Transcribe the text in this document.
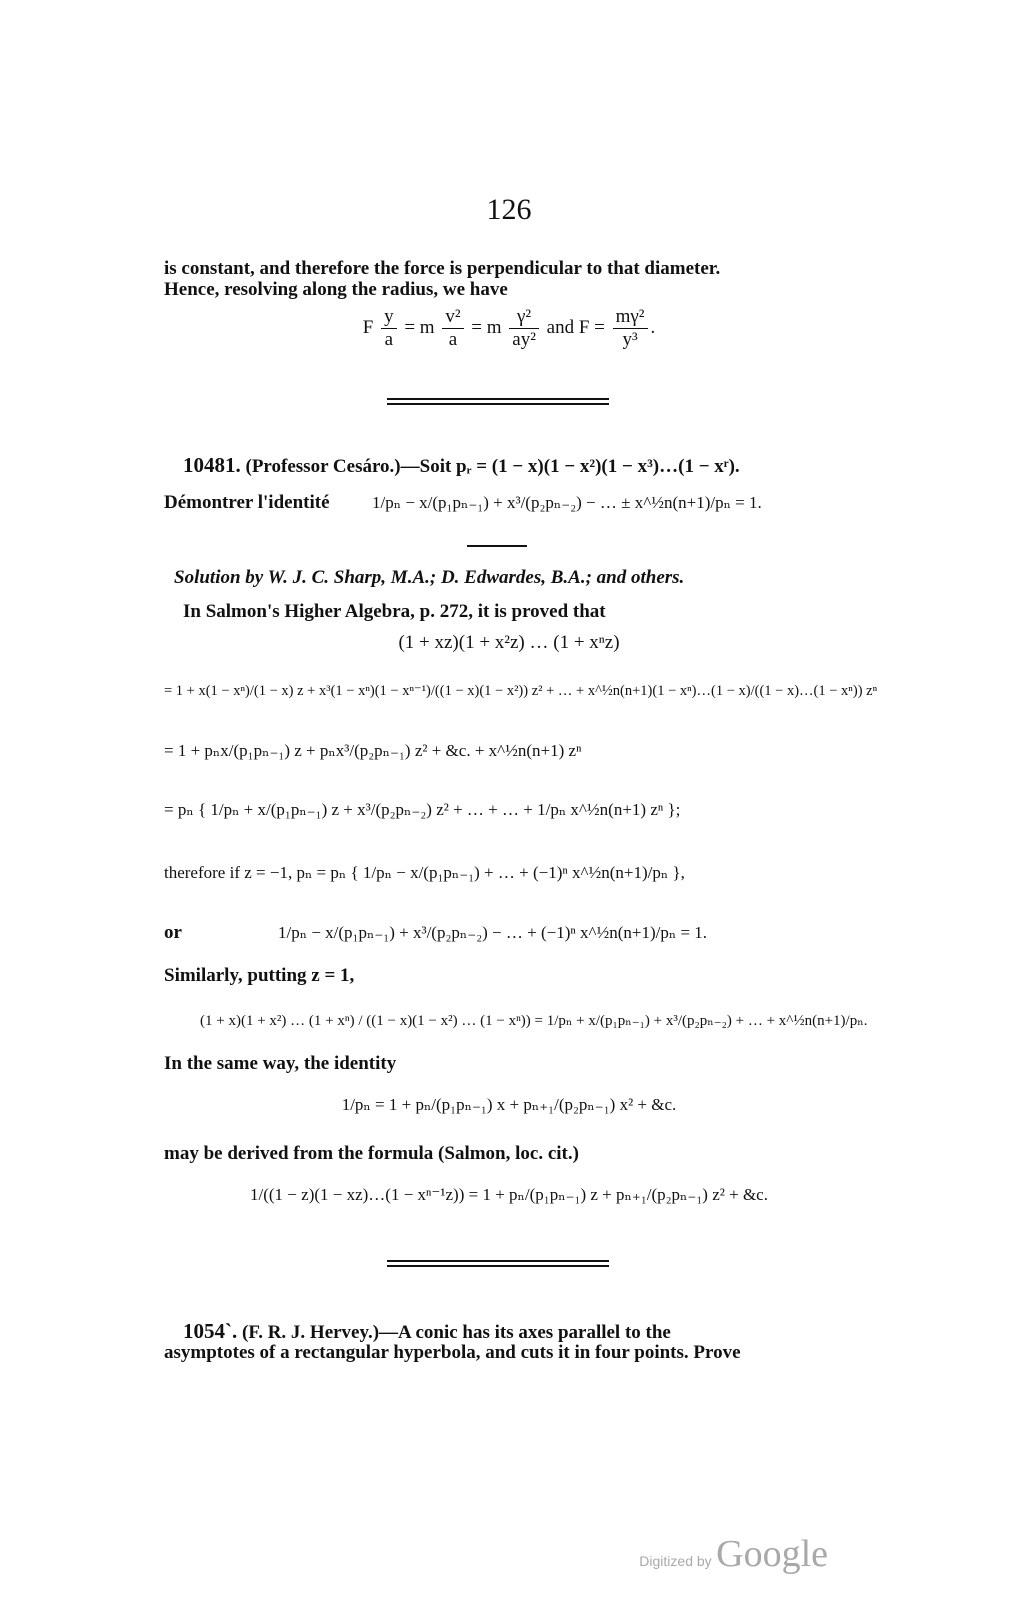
126
is constant, and therefore the force is perpendicular to that diameter.
Hence, resolving along the radius, we have
F $\frac{y}{a} = m \frac{\text{v²}}{a} = m \frac{\text{γ²}}{\text{ay²}}$ and $F = \frac{\text{mγ²}}{\text{y³}}$ .
10481. (Professor Cesáro.)—Soit pᵣ = (1 − x)(1 − x²)(1 − x³)…(1 − xʳ).
Démontrer l'identité	1/pₙ − x/(p₁pₙ₋₁) + x³/(p₂pₙ₋₂) − … ± x^½n(n+1)/pₙ = 1.
Solution by W. J. C. Sharp, M.A.; D. Edwardes, B.A.; and others.
In Salmon's Higher Algebra, p. 272, it is proved that
(1 + xz)(1 + x²z) … (1 + xⁿz)
= 1 + x(1 − xⁿ)/(1 − x) z + x³(1 − xⁿ)(1 − xⁿ⁻¹)/((1 − x)(1 − x²)) z² + … + x^½n(n+1)(1 − xⁿ)…(1 − x)/((1 − x)…(1 − xⁿ)) zⁿ
= 1 + pₙx/(p₁pₙ₋₁) z + pₙx³/(p₂pₙ₋₁) z² + &c. + x^½n(n+1) zⁿ
= pₙ { 1/pₙ + x/(p₁pₙ₋₁) z + x³/(p₂pₙ₋₂) z² + … + … + 1/pₙ x^½n(n+1) zⁿ };
therefore if z = −1, pₙ = pₙ { 1/pₙ − x/(p₁pₙ₋₁) + … + (−1)ⁿ x^½n(n+1)/pₙ },
or	1/pₙ − x/(p₁pₙ₋₁) + x³/(p₂pₙ₋₂) − … + (−1)ⁿ x^½n(n+1)/pₙ = 1.
Similarly, putting z = 1,
(1 + x)(1 + x²) … (1 + xⁿ) / ((1 − x)(1 − x²) … (1 − xⁿ)) = 1/pₙ + x/(p₁pₙ₋₁) + x³/(p₂pₙ₋₂) + … + x^½n(n+1)/pₙ.
In the same way, the identity
1/pₙ = 1 + pₙ/(p₁pₙ₋₁) x + pₙ₊₁/(p₂pₙ₋₁) x² + &c.
may be derived from the formula (Salmon, loc. cit.)
1/((1 − z)(1 − xz)…(1 − xⁿ⁻¹z)) = 1 + pₙ/(p₁pₙ₋₁) z + pₙ₊₁/(p₂pₙ₋₁) z² + &c.
1054`. (F. R. J. Hervey.)—A conic has its axes parallel to the
asymptotes of a rectangular hyperbola, and cuts it in four points. Prove
Digitized by Google
